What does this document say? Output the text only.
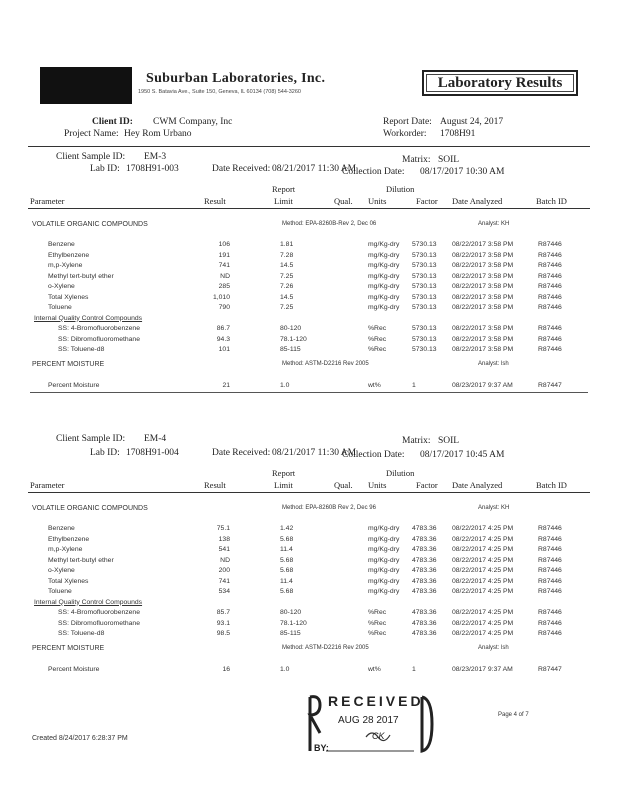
Suburban Laboratories, Inc.
1950 S. Batavia Ave., Suite 150, Geneva, IL 60134 (708) 544-3260
Laboratory Results
Client ID: CWM Company, Inc
Project Name: Hey Rom Urbano
Report Date: August 24, 2017
Workorder: 1708H91
Client Sample ID: EM-3
Lab ID: 1708H91-003	Date Received: 08/21/2017 11:30 AM
Matrix: SOIL
Collection Date: 08/17/2017 10:30 AM
Report	Dilution
Parameter	Result	Limit	Qual. Units	Factor Date Analyzed	Batch ID
VOLATILE ORGANIC COMPOUNDS	Method: EPA-8260B-Rev 2, Dec 06	Analyst: KH
Benzene	106	1.81	mg/Kg-dry 5730.13 08/22/2017 3:58 PM	R87446
Ethylbenzene	191	7.28	mg/Kg-dry 5730.13 08/22/2017 3:58 PM	R87446
m,p-Xylene	741	14.5	mg/Kg-dry 5730.13 08/22/2017 3:58 PM	R87446
Methyl tert-butyl ether	ND	7.25	mg/Kg-dry 5730.13 08/22/2017 3:58 PM	R87446
o-Xylene	285	7.26	mg/Kg-dry 5730.13 08/22/2017 3:58 PM	R87446
Total Xylenes	1,010	14.5	mg/Kg-dry 5730.13 08/22/2017 3:58 PM	R87446
Toluene	790	7.25	mg/Kg-dry 5730.13 08/22/2017 3:58 PM	R87446
Internal Quality Control Compounds
SS: 4-Bromofluorobenzene	86.7	80-120	%Rec	5730.13 08/22/2017 3:58 PM	R87446
SS: Dibromofluoromethane	94.3	78.1-120	%Rec	5730.13 08/22/2017 3:58 PM	R87446
SS: Toluene-d8	101	85-115	%Rec	5730.13 08/22/2017 3:58 PM	R87446
PERCENT MOISTURE	Method: ASTM-D2216 Rev 2005	Analyst: lsh
Percent Moisture	21	1.0	wt%	1	08/23/2017 9:37 AM	R87447
Client Sample ID: EM-4
Lab ID: 1708H91-004	Date Received: 08/21/2017 11:30 AM
Matrix: SOIL
Collection Date: 08/17/2017 10:45 AM
Report	Dilution
Parameter	Result	Limit	Qual. Units	Factor Date Analyzed	Batch ID
VOLATILE ORGANIC COMPOUNDS	Method: EPA-8260B Rev 2, Dec 96	Analyst: KH
Benzene	75.1	1.42	mg/Kg-dry 4783.36 08/22/2017 4:25 PM	R87446
Ethylbenzene	138	5.68	mg/Kg-dry 4783.36 08/22/2017 4:25 PM	R87446
m,p-Xylene	541	11.4	mg/Kg-dry 4783.36 08/22/2017 4:25 PM	R87446
Methyl tert-butyl ether	ND	5.68	mg/Kg-dry 4783.36 08/22/2017 4:25 PM	R87446
o-Xylene	200	5.68	mg/Kg-dry 4783.36 08/22/2017 4:25 PM	R87446
Total Xylenes	741	11.4	mg/Kg-dry 4783.36 08/22/2017 4:25 PM	R87446
Toluene	534	5.68	mg/Kg-dry 4783.36 08/22/2017 4:25 PM	R87446
Internal Quality Control Compounds
SS: 4-Bromofluorobenzene	85.7	80-120	%Rec	4783.36 08/22/2017 4:25 PM	R87446
SS: Dibromofluoromethane	93.1	78.1-120	%Rec	4783.36 08/22/2017 4:25 PM	R87446
SS: Toluene-d8	98.5	85-115	%Rec	4783.36 08/22/2017 4:25 PM	R87446
PERCENT MOISTURE	Method: ASTM-D2216 Rev 2005	Analyst: lsh
Percent Moisture	16	1.0	wt%	1	08/23/2017 9:37 AM	R87447
RECEIVED
AUG 28 2017
CK
BY:
Created 8/24/2017 6:28:37 PM
Page 4 of 7
